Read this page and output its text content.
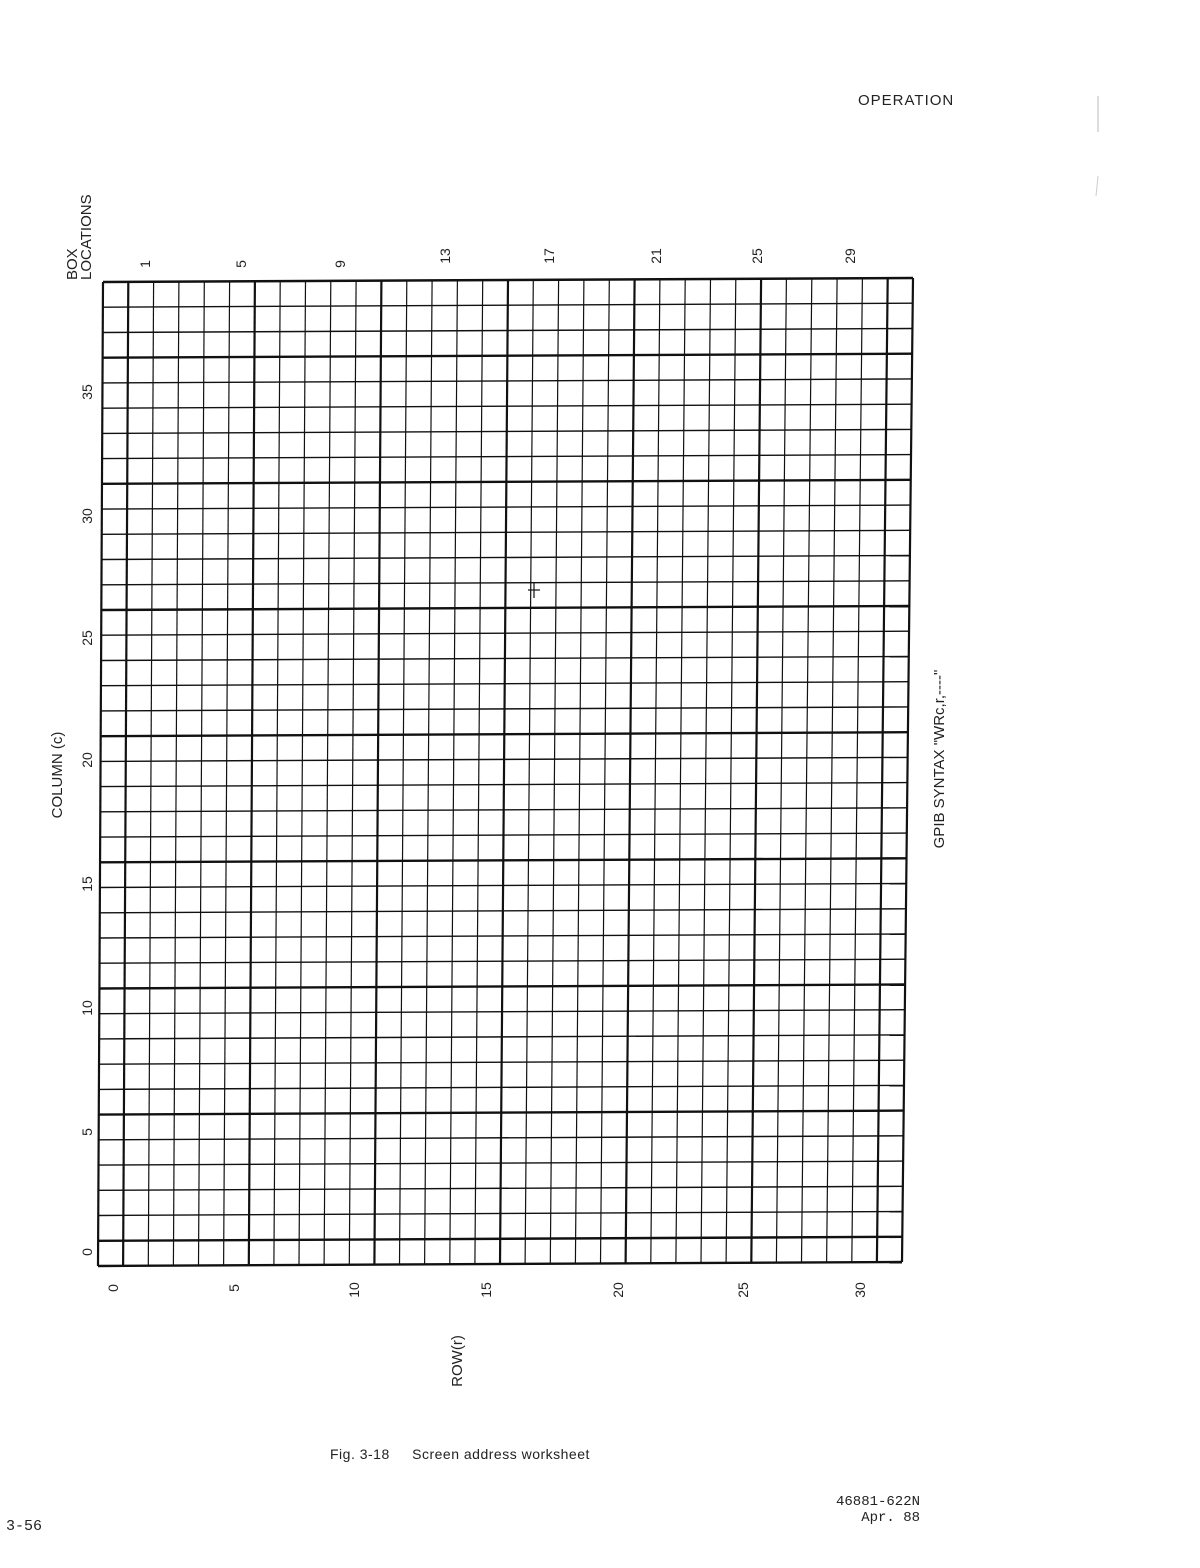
OPERATION
BOX
LOCATIONS
COLUMN (c)
ROW(r)
GPIB SYNTAX "WRc,r,----"
1	5	9
13	17	21	25	29
35
30
25
20
15
10
5
0
0	5	10	15	20	25	30
Fig. 3-18 Screen address worksheet
3-56
46881-622N
Apr. 88
